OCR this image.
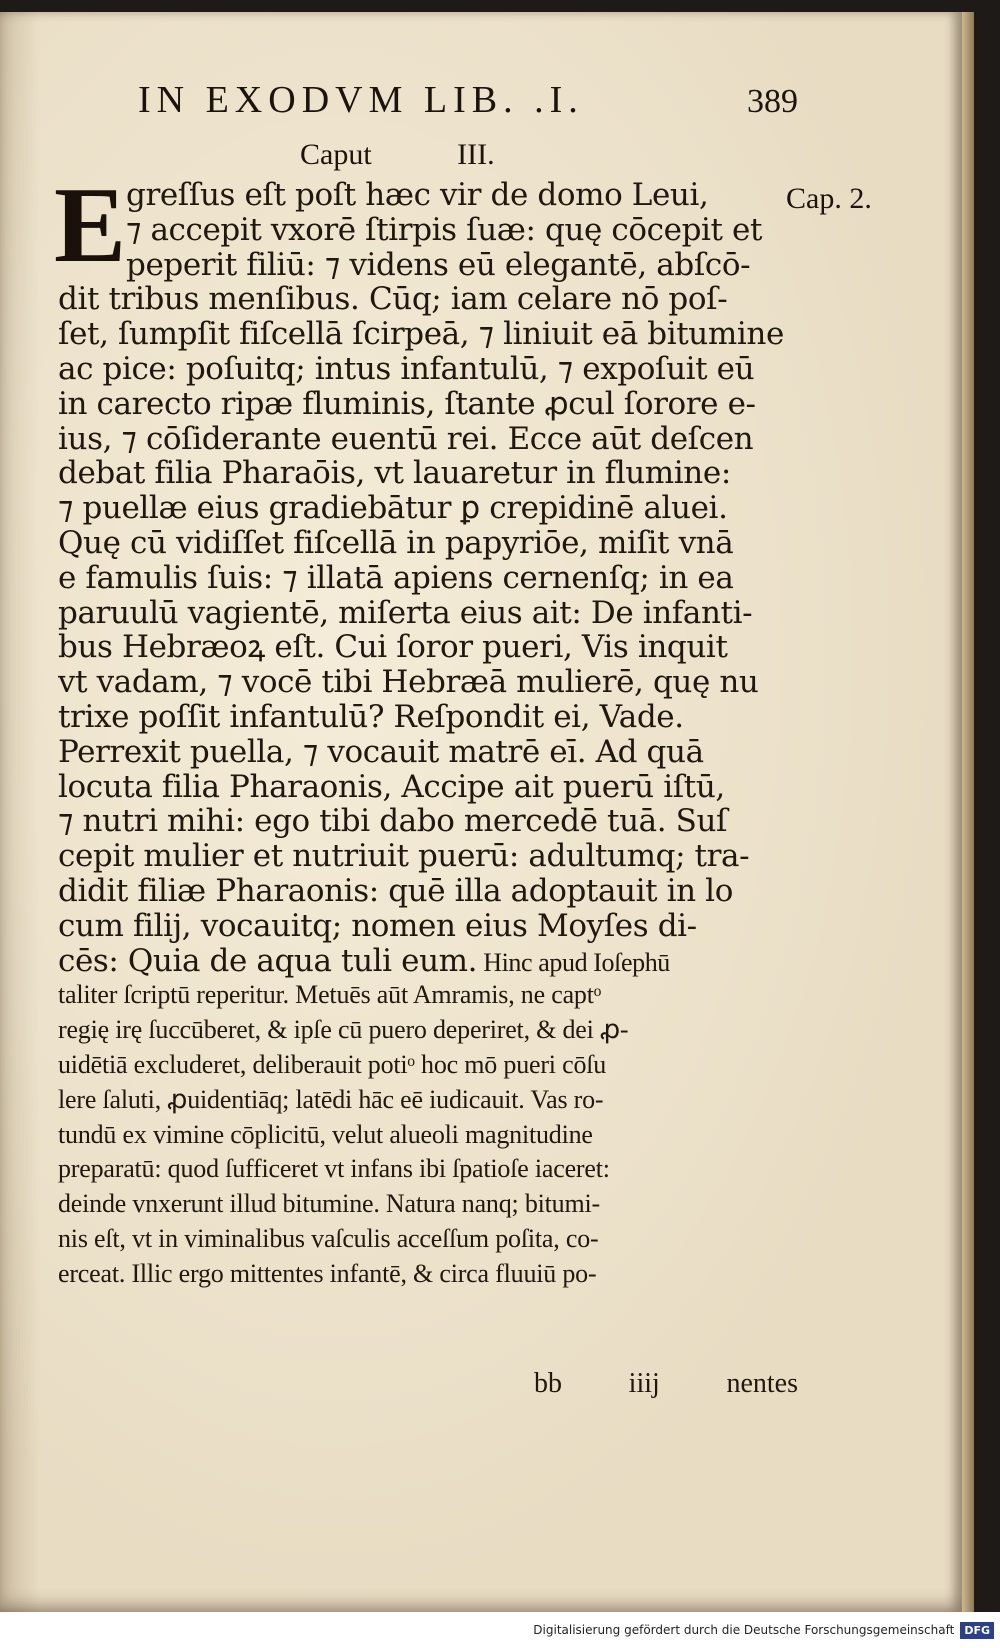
IN EXODVM LIB. .I.	389
Caput	III.
Cap. 2.
E greſſus eſt poſt hæc vir de domo Leui,
⁊ accepit vxorē ſtirpis ſuæ: quę cōcepit et
peperit filiū: ⁊ videns eū elegantē, abſcō-
dit tribus menſibus. Cūq; iam celare nō poſ-
ſet, ſumpſit fiſcellā ſcirpeā, ⁊ liniuit eā bitumine
ac pice: poſuitq; intus infantulū, ⁊ expoſuit eū
in carecto ripæ fluminis, ſtante ꝓcul ſorore e-
ius, ⁊ cōſiderante euentū rei. Ecce aūt deſcen
debat filia Pharaōis, vt lauaretur in flumine:
⁊ puellæ eius gradiebātur ꝑ crepidinē aluei.
Quę cū vidiſſet fiſcellā in papyriōe, miſit vnā
e famulis ſuis: ⁊ illatā apiens cernenſq; in ea
paruulū vagientē, miſerta eius ait: De infanti-
bus Hebræoꝝ eſt. Cui ſoror pueri, Vis inquit
vt vadam, ⁊ vocē tibi Hebræā mulierē, quę nu
trixe poſſit infantulū? Reſpondit ei, Vade.
Perrexit puella, ⁊ vocauit matrē eī. Ad quā
locuta filia Pharaonis, Accipe ait puerū iſtū,
⁊ nutri mihi: ego tibi dabo mercedē tuā. Suſ
cepit mulier et nutriuit puerū: adultumq; tra-
didit filiæ Pharaonis: quē illa adoptauit in lo
cum filij, vocauitq; nomen eius Moyſes di-
cēs: Quia de aqua tuli eum. Hinc apud Ioſephū
taliter ſcriptū reperitur. Metuēs aūt Amramis, ne captᵒ
regię irę ſuccūberet, & ipſe cū puero deperiret, & dei ꝓ-
uidētiā excluderet, deliberauit potiᵒ hoc mō pueri cōſu
lere ſaluti, ꝓuidentiāq; latēdi hāc eē iudicauit. Vas ro-
tundū ex vimine cōplicitū, velut alueoli magnitudine
preparatū: quod ſufficeret vt infans ibi ſpatioſe iaceret:
deinde vnxerunt illud bitumine. Natura nanq; bitumi-
nis eſt, vt in viminalibus vaſculis acceſſum poſita, co-
erceat. Illic ergo mittentes infantē, & circa fluuiū po-
bb iiij nentes
Digitalisierung gefördert durch die Deutsche Forschungsgemeinschaft DFG
